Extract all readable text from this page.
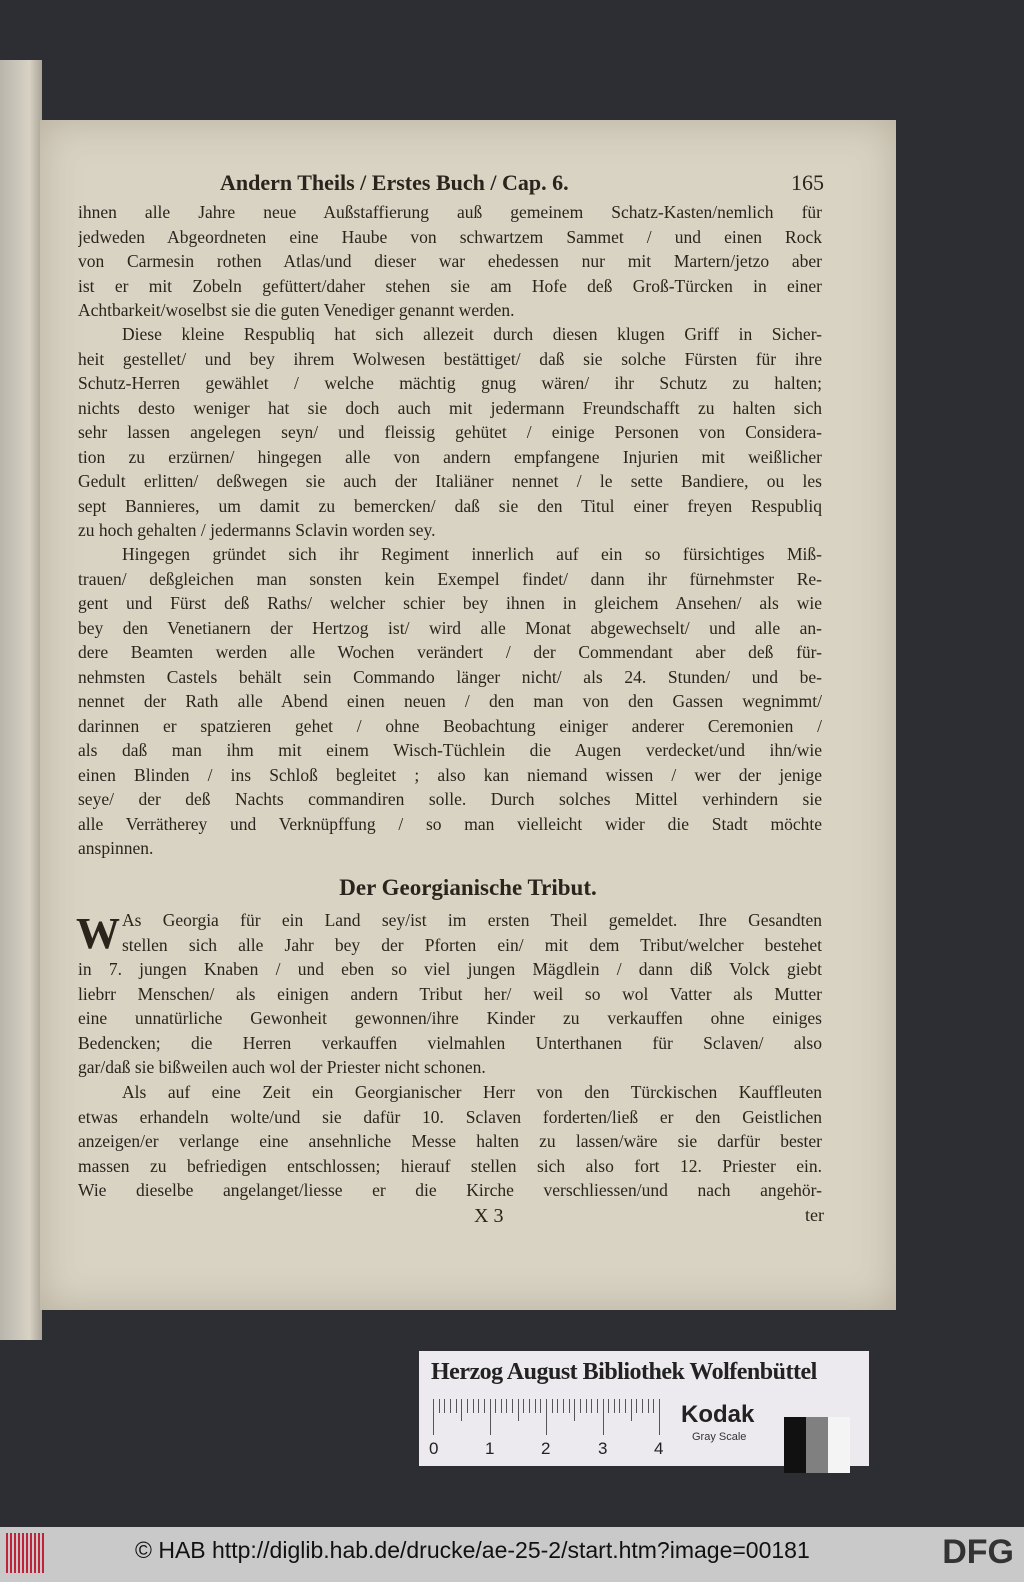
Andern Theils / Erstes Buch / Cap. 6.	165
ihnen alle Jahre neue Außstaffierung auß gemeinem Schatz-Kasten/nemlich für
jedweden Abgeordneten eine Haube von schwartzem Sammet / und einen Rock
von Carmesin rothen Atlas/und dieser war ehedessen nur mit Martern/jetzo aber
ist er mit Zobeln gefüttert/daher stehen sie am Hofe deß Groß-Türcken in einer
Achtbarkeit/woselbst sie die guten Venediger genannt werden.
Diese kleine Respubliq hat sich allezeit durch diesen klugen Griff in Sicher-
heit gestellet/ und bey ihrem Wolwesen bestättiget/ daß sie solche Fürsten für ihre
Schutz-Herren gewählet / welche mächtig gnug wären/ ihr Schutz zu halten;
nichts desto weniger hat sie doch auch mit jedermann Freundschafft zu halten sich
sehr lassen angelegen seyn/ und fleissig gehütet / einige Personen von Considera-
tion zu erzürnen/ hingegen alle von andern empfangene Injurien mit weißlicher
Gedult erlitten/ deßwegen sie auch der Italiäner nennet / le sette Bandiere, ou les
sept Bannieres, um damit zu bemercken/ daß sie den Titul einer freyen Respubliq
zu hoch gehalten / jedermanns Sclavin worden sey.
Hingegen gründet sich ihr Regiment innerlich auf ein so fürsichtiges Miß-
trauen/ deßgleichen man sonsten kein Exempel findet/ dann ihr fürnehmster Re-
gent und Fürst deß Raths/ welcher schier bey ihnen in gleichem Ansehen/ als wie
bey den Venetianern der Hertzog ist/ wird alle Monat abgewechselt/ und alle an-
dere Beamten werden alle Wochen verändert / der Commendant aber deß für-
nehmsten Castels behält sein Commando länger nicht/ als 24. Stunden/ und be-
nennet der Rath alle Abend einen neuen / den man von den Gassen wegnimmt/
darinnen er spatzieren gehet / ohne Beobachtung einiger anderer Ceremonien /
als daß man ihm mit einem Wisch-Tüchlein die Augen verdecket/und ihn/wie
einen Blinden / ins Schloß begleitet ; also kan niemand wissen / wer der jenige
seye/ der deß Nachts commandiren solle. Durch solches Mittel verhindern sie
alle Verrätherey und Verknüpffung / so man vielleicht wider die Stadt möchte
anspinnen.
Der Georgianische Tribut.
W As Georgia für ein Land sey/ist im ersten Theil gemeldet. Ihre Gesandten
stellen sich alle Jahr bey der Pforten ein/ mit dem Tribut/welcher bestehet
in 7. jungen Knaben / und eben so viel jungen Mägdlein / dann diß Volck giebt
liebrr Menschen/ als einigen andern Tribut her/ weil so wol Vatter als Mutter
eine unnatürliche Gewonheit gewonnen/ihre Kinder zu verkauffen ohne einiges
Bedencken; die Herren verkauffen vielmahlen Unterthanen für Sclaven/ also
gar/daß sie bißweilen auch wol der Priester nicht schonen.
Als auf eine Zeit ein Georgianischer Herr von den Türckischen Kauffleuten
etwas erhandeln wolte/und sie dafür 10. Sclaven forderten/ließ er den Geistlichen
anzeigen/er verlange eine ansehnliche Messe halten zu lassen/wäre sie darfür bester
massen zu befriedigen entschlossen; hierauf stellen sich also fort 12. Priester ein.
Wie dieselbe angelanget/liesse er die Kirche verschliessen/und nach angehör-
X 3	ter
Herzog August Bibliothek Wolfenbüttel
0	1	2	3	4
Kodak
Gray Scale
© HAB http://diglib.hab.de/drucke/ae-25-2/start.htm?image=00181	DFG
